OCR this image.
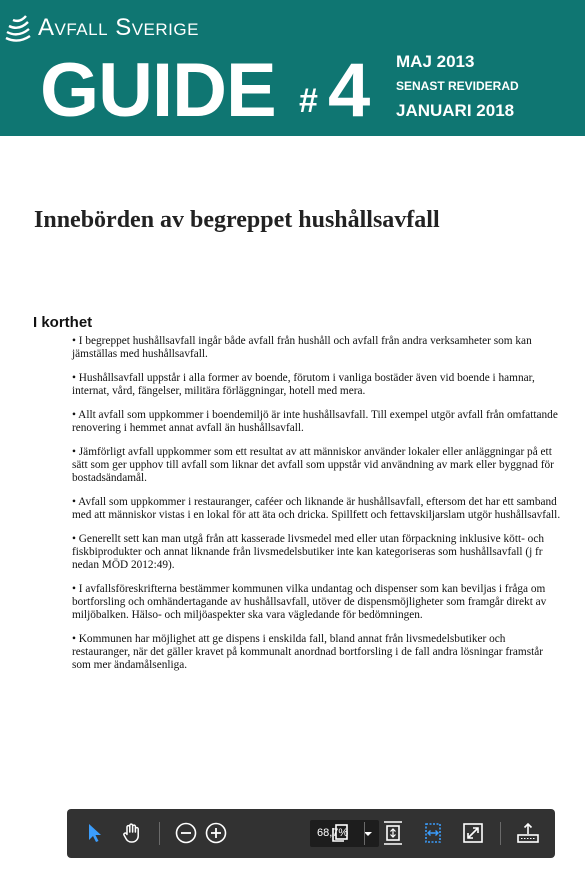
Avfall Sverige
GUIDE # 4 MAJ 2013
SENAST REVIDERAD
JANUARI 2018
Innebörden av begreppet hushållsavfall
I korthet
• I begreppet hushållsavfall ingår både avfall från hushåll och avfall från andra verksamheter som kan jämställas med hushållsavfall.
• Hushållsavfall uppstår i alla former av boende, förutom i vanliga bostäder även vid boende i hamnar, internat, vård, fängelser, militära förläggningar, hotell med mera.
• Allt avfall som uppkommer i boendemiljö är inte hushållsavfall. Till exempel utgör avfall från omfattande renovering i hemmet annat avfall än hushållsavfall.
• Jämförligt avfall uppkommer som ett resultat av att människor använder lokaler eller anläggningar på ett sätt som ger upphov till avfall som liknar det avfall som uppstår vid användning av mark eller byggnad för bostadsändamål.
• Avfall som uppkommer i restauranger, caféer och liknande är hushållsavfall, eftersom det har ett samband med att människor vistas i en lokal för att äta och dricka. Spillfett och fettavskiljarslam utgör hushållsavfall.
• Generellt sett kan man utgå från att kasserade livsmedel med eller utan förpackning inklusive kött- och fiskbiprodukter och annat liknande från livsmedelsbutiker inte kan kategoriseras som hushållsavfall (j fr nedan MÖD 2012:49).
• I avfallsföreskrifterna bestämmer kommunen vilka undantag och dispenser som kan beviljas i fråga om bortforsling och omhändertagande av hushållsavfall, utöver de dispensmöjligheter som framgår direkt av miljöbalken. Hälso- och miljöaspekter ska vara vägledande för bedömningen.
• Kommunen har möjlighet att ge dispens i enskilda fall, bland annat från livsmedelsbutiker och restauranger, när det gäller kravet på kommunalt anordnad bortforsling i de fall andra lösningar framstår som mer ändamålsenliga.
68,7%
